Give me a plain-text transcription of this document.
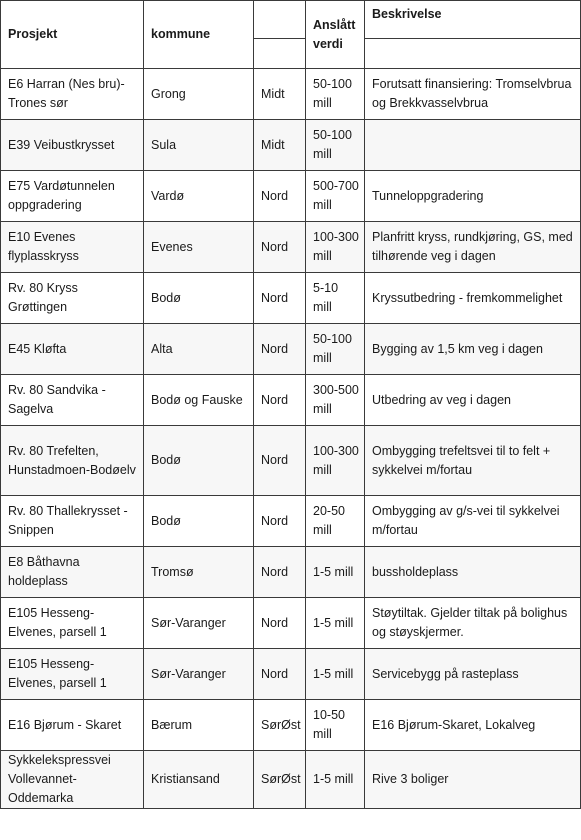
Prosjekt	kommune		Anslått verdi	Beskrivelse

E6 Harran (Nes bru)-Trones sør	Grong	Midt	50-100 mill	Forutsatt finansiering: Tromselvbrua og Brekkvasselvbrua
E39 Veibustkrysset	Sula	Midt	50-100 mill	
E75 Vardøtunnelen oppgradering	Vardø	Nord	500-700 mill	Tunneloppgradering
E10 Evenes flyplasskryss	Evenes	Nord	100-300 mill	Planfritt kryss, rundkjøring, GS, med tilhørende veg i dagen
Rv. 80 Kryss Grøttingen	Bodø	Nord	5-10 mill	Kryssutbedring - fremkommelighet
E45 Kløfta	Alta	Nord	50-100 mill	Bygging av 1,5 km veg i dagen
Rv. 80 Sandvika - Sagelva	Bodø og Fauske	Nord	300-500 mill	Utbedring av veg i dagen
Rv. 80 Trefelten, Hunstadmoen-Bodøelv	Bodø	Nord	100-300 mill	Ombygging trefeltsvei til to felt + sykkelvei m/fortau
Rv. 80 Thallekrysset - Snippen	Bodø	Nord	20-50 mill	Ombygging av g/s-vei til sykkelvei m/fortau
E8 Båthavna holdeplass	Tromsø	Nord	1-5 mill	bussholdeplass
E105 Hesseng-Elvenes, parsell 1	Sør-Varanger	Nord	1-5 mill	Støytiltak. Gjelder tiltak på bolighus og støyskjermer.
E105 Hesseng-Elvenes, parsell 1	Sør-Varanger	Nord	1-5 mill	Servicebygg på rasteplass
E16 Bjørum - Skaret	Bærum	SørØst	10-50 mill	E16 Bjørum-Skaret, Lokalveg
Sykkelekspressvei Vollevannet-Oddemarka	Kristiansand	SørØst	1-5 mill	Rive 3 boliger
